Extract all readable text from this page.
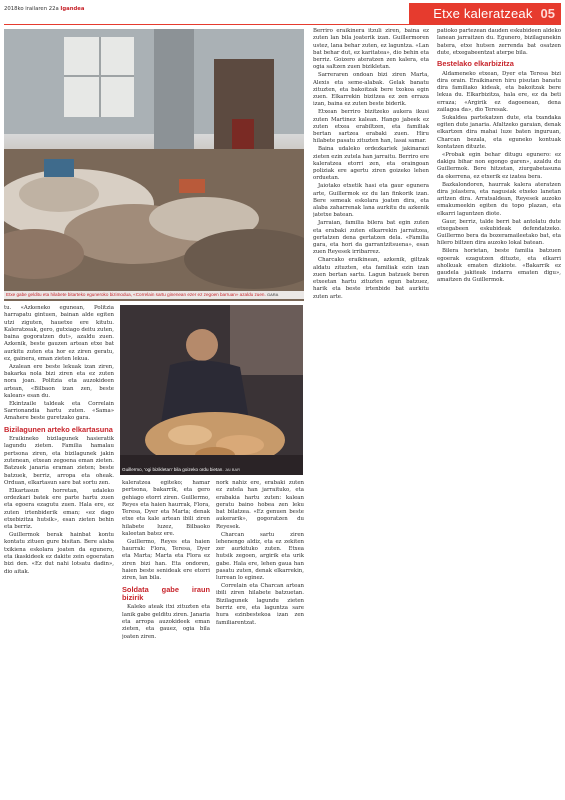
2018ko irailaren 22a Igandea	Etxe kaleratzeak 05
Etxe gabe gelditu eta hilabete bitarteko eguneroko bizimodua, «Correlain sartu ginenean ezer ez zegoen barruan» azaldu zuen. GARA
Guillermo, 'ogi bizikletan' bila goizeko ordu bietan. JAI BAR

tu. «Azkeneko egunean, Politzia harrapatu gintuen, bainan alde egiten utzi ziguten, hauetxe ere kitutu. Kaleratzeak, gero, gutxiago deitu zuten, baina gogoratzen dut», azaldu zuen. Azkenik, beste gauzen artean etxe bat aurkitu zuten eta hor ez ziren geratu, ez, gainera, eman zieten lekua.

Azalean ere beste lekuak izan ziren, bakarka nola bizi ziren eta ez zuten nora joan. Politzia eta auzokideen artean, «Bilbaon izan zen, beste kalean» esan du.

Ekintzaile taldeak eta Correlain Sarrionandia hartu zuten. «Sama» Amahere beste guretzako gara.

Bizilagunen arteko elkartasuna

Eraikineko bizilagunek hasieratik lagundu zieten. Familia hamalau pertsona ziren, eta bizilagunek jakin zutenean, etxean zegoena eman zieten. Batzuek janaria eraman zieten; beste batzuek, berriz, arropa eta oheak. Orduan, elkartasun sare bat sortu zen.

Elkartasun horretan, udaleko ordezkari batek ere parte hartu zuen eta egoera ezagutu zuen. Hala ere, ez zuten irtenbiderik eman; «ez dago etxebizitza hutsik», esan zieten behin eta berriz.

Guillermok berak hainbat kontu kontatu zituen gure bisitan. Bere alaba txikiena eskolara joaten da egunero, eta ikaskideek ez dakite zein egoeratan bizi den. «Ez dut nahi lotsatu dadin», dio aitak.

kaleratzea egiteko; hamar pertsona, bakarrik, eta gero gehiago etorri ziren. Guillermo, Reyes eta haien haurrak, Flora, Teresa, Dyer eta Marta; denak etxe eta kale artean ibili ziren hilabete luzez, Bilbaoko kaleetan batez ere.

Guillermo, Reyes eta haien haurrak: Flora, Teresa, Dyer eta Marta; Marta eta Flora ez ziren bizi han. Eta ondoren, haien beste senideak ere etorri ziren, lan bila.

Soldata gabe iraun bizirik

Kaleko ateak itxi zituzten eta lanik gabe gelditu ziren. Janaria eta arropa auzokideek eman zieten, eta gauez, ogia bila joaten ziren.

nork nahiz ere, erabaki zuten ez zutela han jarraituko, eta erabakia hartu zuten: kalean geratu baino hobea zen leku bat bilatzea. «Ez genuen beste aukerarik», gogoratzen du Reyesek.

Charcan sartu ziren lehenengo aldiz, eta ez zekiten zer aurkituko zuten. Etxea hutsik zegoen, argirik eta urik gabe. Hala ere, lehen gaua han pasatu zuten, denak elkarrekin, lurrean lo eginez.

Correlain eta Charcan artean ibili ziren hilabete batzuetan. Bizilagunek lagundu zieten berriz ere, eta laguntza sare hura ezinbestekoa izan zen familiarentzat.

Berriro eraikinera itzuli ziren, baina ez zuten lan bila joaterik izan. Guillermoren ustez, lana behar zuten, ez laguntza. «Lan bat behar dut, ez karitatea», dio behin eta berriz. Goizero ateratzen zen kalera, eta ogia saltzen zuen bizikletan.

Sarreraren ondoan bizi ziren Marta, Alexis eta seme-alabak. Gelak banatu zituzten, eta bakoitzak bere txokoa egin zuen. Elkarrekin bizitzea ez zen erraza izan, baina ez zuten beste biderik.

Etxean berriro bizitzeko aukera ikusi zuten Martinez kalean. Hango jabeek ez zuten etxea erabiltzen, eta familiak bertan sartzea erabaki zuen. Hiru hilabete pasatu zituzten han, lasai samar.

Baina udaleko ordezkariek jakinarazi zieten ezin zutela han jarraitu. Berriro ere kaleratzea etorri zen, eta oraingoan poliziak ere agertu ziren goizeko lehen orduetan.

Jaiotako etxetik hasi eta gaur egunera arte, Guillermok ez du lan finkorik izan. Bere semeak eskolara joaten dira, eta alaba zaharrenak lana aurkitu du azkenik jatetxe batean.

Jarraian, familia bilera bat egin zuten eta erabaki zuten elkarrekin jarraitzea, gertatzen dena gertatzen dela. «Familia gara, eta hori da garrantzitsuena», esan zuen Reyesek irribarrez.

Charcako eraikinean, azkenik, giltzak aldatu zituzten, eta familiak ezin izan zuen bertan sartu. Lagun batzuek beren etxeetan hartu zituzten egun batzuez, harik eta beste irtenbide bat aurkitu zuten arte.

patioko partezean dauden eskubideen aldeko lanean jarraitzen du. Egunero, bizilagunekin batera, etxe hutsen zerrenda bat osatzen dute, etxegabeentzat aterpe bila.

Bestelako elkarbizitza

Aldameneko etxean, Dyer eta Teresa bizi dira orain. Eraikinaren hiru pisutan banatu dira familiako kideak, eta bakoitzak bere lekua du. Elkarbizitza, hala ere, ez da beti erraza; «Argirik ez dagoenean, dena zailagoa da», dio Teresak.

Sukaldea partekatzen dute, eta txandaka egiten dute janaria. Afaltzeko garaian, denak elkartzen dira mahai luze baten inguruan, Charcan bezala, eta eguneko kontuak kontatzen dituzte.

«Probak egin behar ditugu egunero: ez dakigu bihar non egongo garen», azaldu du Guillermok. Bere hitzetan, ziurgabetasuna da okerrena, ez etxerik ez izatea bera.

Bazkalondoren, haurrak kalera ateratzen dira jolastera, eta nagusiak etxeko lanetan aritzen dira. Arratsaldean, Reyesek auzoko emakumeekin egiten du topo plazan, eta elkarri laguntzen diote.

Gaur, berriz, talde berri bat antolatu dute etxegabeen eskubideak defendatzeko. Guillermo bera da bozeramaileetako bat, eta hilero biltzen dira auzoko lokal batean.

Bilera horietan, beste familia batzuen egoerak ezagutzen dituzte, eta elkarri aholkuak ematen dizkiote. «Bakarrik ez gaudela jakiteak indarra ematen digu», amaitzen du Guillermok.
